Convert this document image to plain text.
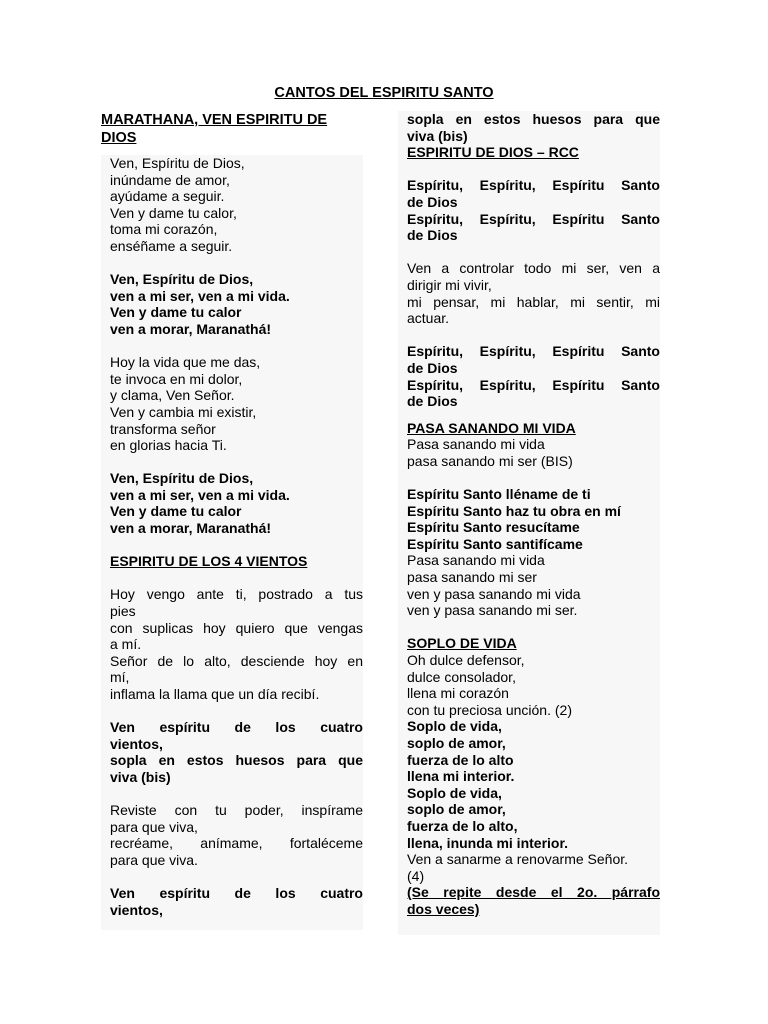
CANTOS DEL ESPIRITU SANTO
MARATHANA, VEN ESPIRITU DE DIOS
Ven, Espíritu de Dios,
inúndame de amor,
ayúdame a seguir.
Ven y dame tu calor,
toma mi corazón,
enséñame a seguir.
Ven, Espíritu de Dios,
ven a mi ser, ven a mi vida.
Ven y dame tu calor
ven a morar, Maranathá!
Hoy la vida que me das,
te invoca en mi dolor,
y clama, Ven Señor.
Ven y cambia mi existir,
transforma señor
en glorias hacia Ti.
Ven, Espíritu de Dios,
ven a mi ser, ven a mi vida.
Ven y dame tu calor
ven a morar, Maranathá!
ESPIRITU DE LOS 4 VIENTOS
Hoy vengo ante ti, postrado a tus
pies
con suplicas hoy quiero que vengas
a mí.
Señor de lo alto, desciende hoy en
mí,
inflama la llama que un día recibí.
Ven espíritu de los cuatro
vientos,
sopla en estos huesos para que
viva (bis)
Reviste con tu poder, inspírame
para que viva,
recréame, anímame, fortaléceme
para que viva.
Ven espíritu de los cuatro
vientos,
sopla en estos huesos para que
viva (bis)
ESPIRITU DE DIOS – RCC
Espíritu, Espíritu, Espíritu Santo
de Dios
Espíritu, Espíritu, Espíritu Santo
de Dios
Ven a controlar todo mi ser, ven a
dirigir mi vivir,
mi pensar, mi hablar, mi sentir, mi
actuar.
Espíritu, Espíritu, Espíritu Santo
de Dios
Espíritu, Espíritu, Espíritu Santo
de Dios
PASA SANANDO MI VIDA
Pasa sanando mi vida
pasa sanando mi ser (BIS)
Espíritu Santo lléname de ti
Espíritu Santo haz tu obra en mí
Espíritu Santo resucítame
Espíritu Santo santifícame
Pasa sanando mi vida
pasa sanando mi ser
ven y pasa sanando mi vida
ven y pasa sanando mi ser.
SOPLO DE VIDA
Oh dulce defensor,
dulce consolador,
llena mi corazón
con tu preciosa unción. (2)
Soplo de vida,
soplo de amor,
fuerza de lo alto
llena mi interior.
Soplo de vida,
soplo de amor,
fuerza de lo alto,
llena, inunda mi interior.
Ven a sanarme a renovarme Señor.
(4)
(Se repite desde el 2o. párrafo
dos veces)
